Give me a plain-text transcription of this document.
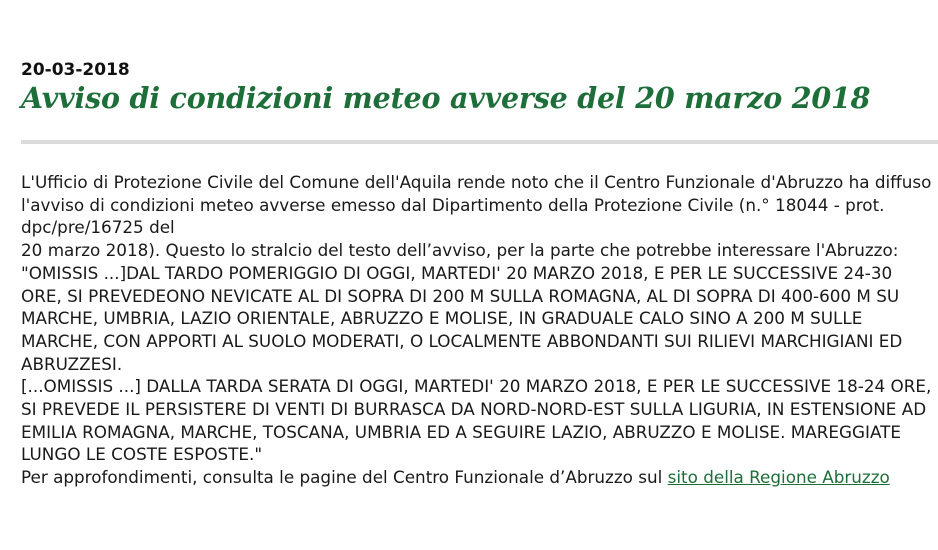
20-03-2018
Avviso di condizioni meteo avverse del 20 marzo 2018

L'Ufficio di Protezione Civile del Comune dell'Aquila rende noto che il Centro Funzionale d'Abruzzo ha diffuso l'avviso di condizioni meteo avverse emesso dal Dipartimento della Protezione Civile (n.° 18044 - prot. dpc/pre/16725 del
20 marzo 2018). Questo lo stralcio del testo dell’avviso, per la parte che potrebbe interessare l'Abruzzo:

"OMISSIS ...]DAL TARDO POMERIGGIO DI OGGI, MARTEDI' 20 MARZO 2018, E PER LE SUCCESSIVE 24-30 ORE, SI PREVEDEONO NEVICATE AL DI SOPRA DI 200 M SULLA ROMAGNA, AL DI SOPRA DI 400-600 M SU MARCHE, UMBRIA, LAZIO ORIENTALE, ABRUZZO E MOLISE, IN GRADUALE CALO SINO A 200 M SULLE MARCHE, CON APPORTI AL SUOLO MODERATI, O LOCALMENTE ABBONDANTI SUI RILIEVI MARCHIGIANI ED ABRUZZESI.

[...OMISSIS ...] DALLA TARDA SERATA DI OGGI, MARTEDI' 20 MARZO 2018, E PER LE SUCCESSIVE 18-24 ORE, SI PREVEDE IL PERSISTERE DI VENTI DI BURRASCA DA NORD-NORD-EST SULLA LIGURIA, IN ESTENSIONE AD EMILIA ROMAGNA, MARCHE, TOSCANA, UMBRIA ED A SEGUIRE LAZIO, ABRUZZO E MOLISE. MAREGGIATE LUNGO LE COSTE ESPOSTE."

Per approfondimenti, consulta le pagine del Centro Funzionale d’Abruzzo sul sito della Regione Abruzzo
